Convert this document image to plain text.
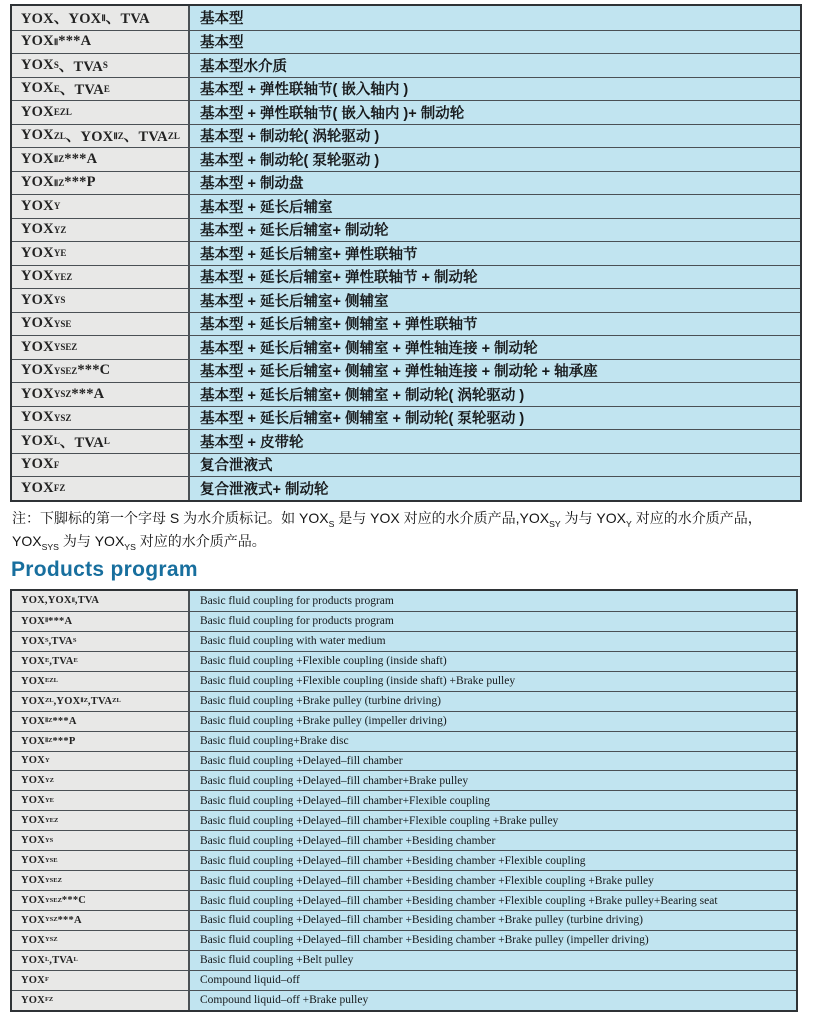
YOX、YOX Ⅱ 、TVA	基本型
YOX Ⅱ ***A	基本型
YOX S 、TVA S	基本型水介质
YOX E 、TVA E	基本型 + 弹性联轴节( 嵌入轴内 )
YOX EZL	基本型 + 弹性联轴节( 嵌入轴内 )+ 制动轮
YOX ZL 、YOX ⅡZ 、TVA ZL	基本型 + 制动轮( 涡轮驱动 )
YOX ⅡZ ***A	基本型 + 制动轮( 泵轮驱动 )
YOX ⅡZ ***P	基本型 + 制动盘
YOX Y	基本型 + 延长后辅室
YOX YZ	基本型 + 延长后辅室+ 制动轮
YOX YE	基本型 + 延长后辅室+ 弹性联轴节
YOX YEZ	基本型 + 延长后辅室+ 弹性联轴节 + 制动轮
YOX YS	基本型 + 延长后辅室+ 侧辅室
YOX YSE	基本型 + 延长后辅室+ 侧辅室 + 弹性联轴节
YOX YSEZ	基本型 + 延长后辅室+ 侧辅室 + 弹性轴连接 + 制动轮
YOX YSEZ ***C	基本型 + 延长后辅室+ 侧辅室 + 弹性轴连接 + 制动轮 + 轴承座
YOX YSZ ***A	基本型 + 延长后辅室+ 侧辅室 + 制动轮( 涡轮驱动 )
YOX YSZ	基本型 + 延长后辅室+ 侧辅室 + 制动轮( 泵轮驱动 )
YOX L 、TVA L	基本型 + 皮带轮
YOX F	复合泄液式
YOX FZ	复合泄液式+ 制动轮
注：下脚标的第一个字母 S 为水介质标记。如 $YOX_S$ 是与 YOX 对应的水介质产品$,YOX_{SY}$ 为与 $YOX_Y$ 对应的水介质产品，
$YOX_{SYS}$ 为与 $YOX_{YS}$ 对应的水介质产品。
Products program
YOX,YOX Ⅱ ,TVA	Basic fluid coupling for products program
YOX Ⅱ ***A	Basic fluid coupling for products program
YOX S ,TVA S	Basic fluid coupling with water medium
YOX E ,TVA E	Basic fluid coupling +Flexible coupling (inside shaft)
YOX EZL	Basic fluid coupling +Flexible coupling (inside shaft) +Brake pulley
YOX ZL ,YOX ⅡZ ,TVA ZL	Basic fluid coupling +Brake pulley (turbine driving)
YOX ⅡZ ***A	Basic fluid coupling +Brake pulley (impeller driving)
YOX ⅡZ ***P	Basic fluid coupling+Brake disc
YOX Y	Basic fluid coupling +Delayed–fill chamber
YOX YZ	Basic fluid coupling +Delayed–fill chamber+Brake pulley
YOX YE	Basic fluid coupling +Delayed–fill chamber+Flexible coupling
YOX YEZ	Basic fluid coupling +Delayed–fill chamber+Flexible coupling +Brake pulley
YOX YS	Basic fluid coupling +Delayed–fill chamber +Besiding chamber
YOX YSE	Basic fluid coupling +Delayed–fill chamber +Besiding chamber +Flexible coupling
YOX YSEZ	Basic fluid coupling +Delayed–fill chamber +Besiding chamber +Flexible coupling +Brake pulley
YOX YSEZ ***C	Basic fluid coupling +Delayed–fill chamber +Besiding chamber +Flexible coupling +Brake pulley+Bearing seat
YOX YSZ ***A	Basic fluid coupling +Delayed–fill chamber +Besiding chamber +Brake pulley (turbine driving)
YOX YSZ	Basic fluid coupling +Delayed–fill chamber +Besiding chamber +Brake pulley (impeller driving)
YOX L ,TVA L	Basic fluid coupling +Belt pulley
YOX F	Compound liquid–off
YOX FZ	Compound liquid–off +Brake pulley
